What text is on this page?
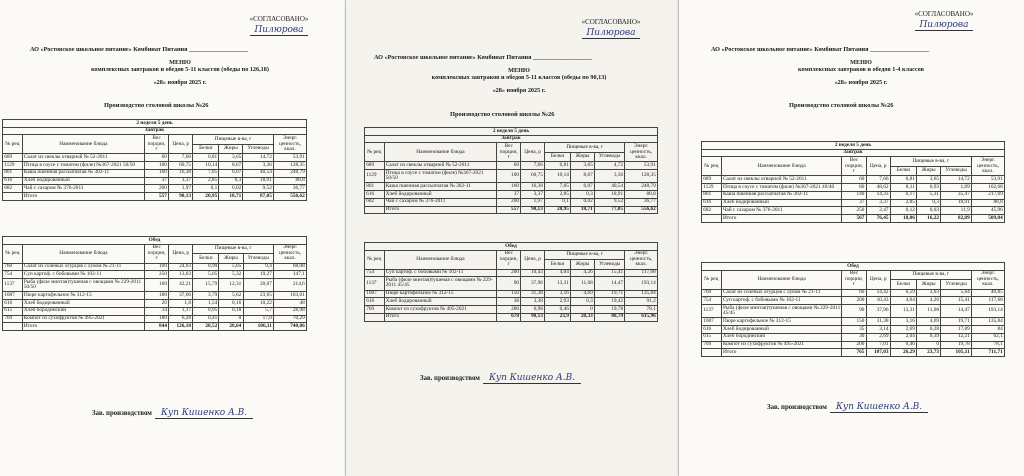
«СОГЛАСОВАНО»
Пилюрова
АО «Ростовское школьное питание» Комбинат Питания ___________________
МЕНЮ
комплексных завтраков и обедов 5-11 классов (обеды по 126,18)
«28» ноября 2025 г.
Производство столовой школы №26
2 неделя 5 день							
Завтрак							
№ рец	Наименование блюда	Вес порции, г	Цена, р	Пищевые в-ва, г			Энерг. ценность, ккал.
				Белки	Жиры	Углеводы	
689	Салат из свеклы отварной № 52-2011	60	7,66	0,81	3,65	14,72	53,91
1129	Птица в соусе с томатом (филе) №367-2021 50/50	100	60,75	10,14	8,67	3,36	128,35
801	Каша пшенная рассыпчатая № 302-11	160	16,38	7,05	6,07	40,54	248,79
616	Хлеб йодированный	37	3,37	2,85	0,3	18,91	88,8
682	Чай с сахаром № 376-2011	200	1,97	0,1	0,02	9,52	36,77
	Итого	557	90,13	20,95	18,71	87,05	556,62
Обед							
№ рец	Наименование блюда	Вес порции, г	Цена, р	Пищевые в-ва, г			Энерг. ценность, ккал.
				Белки	Жиры	Углеводы	
760	Салат из соленых огурцов с луком № 21-11	100	24,03	0,99	5,05	9,4	68,08
754	Суп картоф. с бобовыми № 102-11	250	13,03	5,05	5,32	19,27	147,1
1137	Рыба (филе минтая)тушеная с овощами № 229-2011 50/50	100	42,21	15,79	12,31	20,07	214,6
1087	Пюре картофельное № 312-15	180	37,66	3,79	5,62	23,65	163,01
616	Хлеб йодированный	20	1,8	1,54	0,16	10,22	48
615	Хлеб бородинский	14	1,17	0,95	0,18	5,7	28,98
769	Компот из сухофруктов № 495-2021	180	6,28	0,41	0	17,8	70,29
	Итого	844	126,18	28,52	28,64	106,11	740,06
Зав. производством Куп Кишенко А.В.
«СОГЛАСОВАНО»
Пилюрова
АО «Ростовское школьное питание» Комбинат Питания ___________________
МЕНЮ
комплексных завтраков и обедов 5-11 классов (обеды по 90,13)
«28» ноября 2025 г.
Производство столовой школы №26
2 неделя 5 день							
Завтрак							
№ рец	Наименование блюда	Вес порции, г	Цена, р	Пищевые в-ва, г			Энерг. ценность, ккал.
				Белки	Жиры	Углеводы	
689	Салат из свеклы отварной № 52-2011	60	7,66	0,81	3,65	4,72	53,91
1129	Птица в соусе с томатом (филе) №367-2021 50/50	100	60,75	10,14	8,67	3,36	128,35
801	Каша пшенная рассыпчатая № 302-11	160	16,38	7,05	6,07	40,54	248,79
616	Хлеб йодированный	37	3,37	2,85	0,3	18,91	88,8
682	Чай с сахаром № 376-2011	200	1,97	0,1	0,02	9,52	36,77
	Итого	557	90,13	20,95	18,71	77,05	556,62
Обед							
№ рец	Наименование блюда	Вес порции, г	Цена, р	Пищевые в-ва, г			Энерг. ценность, ккал.
				Белки	Жиры	Углеводы	
754	Суп картоф. с бобовыми № 102-11	200	10,43	4,04	4,26	15,41	117,68
1137	Рыба (филе минтая)тушеная с овощами № 229-2011 45/45	90	37,96	13,31	11,08	14,47	193,14
1087	Пюре картофельное № 312-15	150	31,38	3,16	4,69	19,71	135,84
616	Хлеб йодированный	38	3,38	2,93	0,3	19,42	91,2
769	Компот из сухофруктов № 495-2021	200	6,98	0,46	0	19,78	78,1
	Итого	678	90,13	23,9	20,33	88,79	615,96
Зав. производством Куп Кишенко А.В.
«СОГЛАСОВАНО»
Пилюрова
АО «Ростовское школьное питание» Комбинат Питания ___________________
МЕНЮ
комплексных завтраков и обедов 1-4 классов
«28» ноября 2025 г.
Производство столовой школы №26
2 неделя 5 день							
Завтрак							
№ рец	Наименование блюда	Вес порции, г	Цена, р	Пищевые в-ва, г			Энерг. ценность, ккал.
				Белки	Жиры	Углеводы	
689	Салат из свеклы отварной № 52-2011	60	7,66	0,81	3,65	14,72	53,91
1129	Птица в соусе с томатом (филе) №367-2021 40/40	80	48,62	8,11	6,93	1,89	102,68
801	Каша пшенная рассыпчатая № 302-11	140	14,33	6,17	5,31	35,47	217,69
616	Хлеб йодированный	37	3,37	2,85	0,3	18,91	88,8
682	Чай с сахаром № 376-2011	250	2,47	0,12	0,03	11,9	45,96
	Итого	567	76,45	18,06	16,22	82,89	509,04
Обед							
№ рец	Наименование блюда	Вес порции, г	Цена, р	Пищевые в-ва, г			Энерг. ценность, ккал.
				Белки	Жиры	Углеводы	
760	Салат из соленых огурцов с луком № 21-11	60	14,42	0,59	3,03	5,64	40,85
754	Суп картоф. с бобовыми № 102-11	200	10,43	4,04	4,26	15,41	117,68
1137	Рыба (филе минтая)тушеная с овощами № 229-2011 45/45	90	37,96	13,31	11,08	14,47	193,14
1087	Пюре картофельное № 312-15	150	31,38	3,16	4,69	19,71	135,84
616	Хлеб йодированный	35	3,14	2,69	0,28	17,89	84
615	Хлеб бородинский	30	2,69	2,04	0,39	12,21	62,1
769	Компот из сухофруктов № 495-2021	200	7,01	0,46	0	19,78	78,1
	Итого	765	107,03	26,29	23,73	105,11	711,71
Зав. производством Куп Кишенко А.В.
